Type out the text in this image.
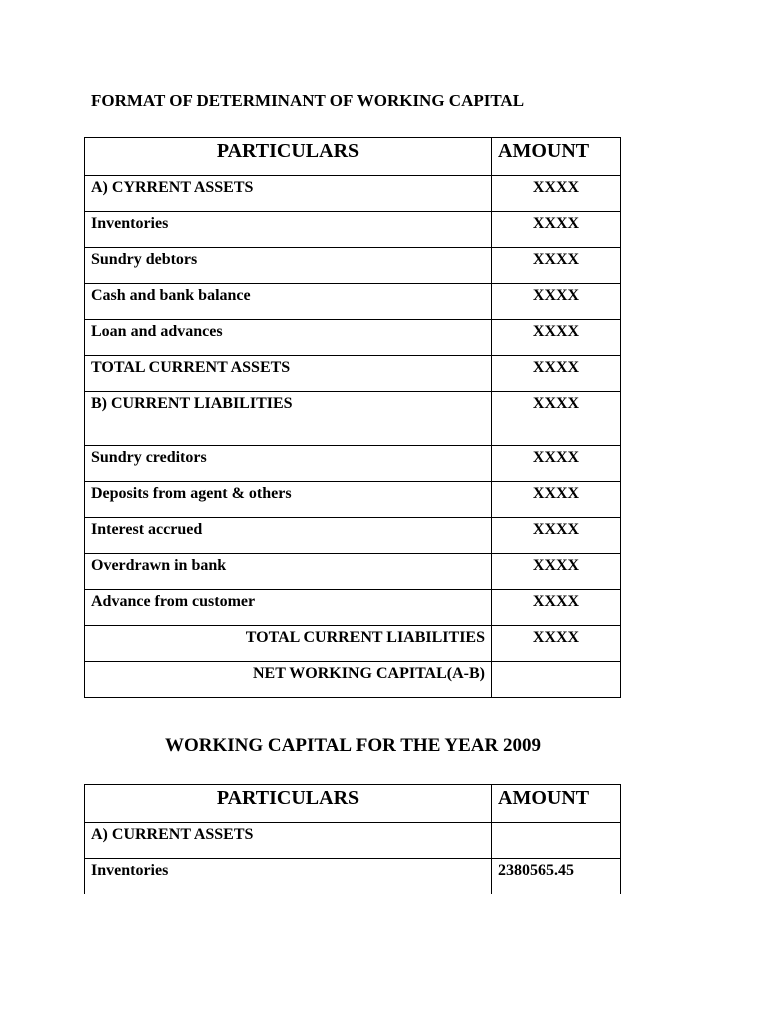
FORMAT OF DETERMINANT OF WORKING CAPITAL
PARTICULARS	AMOUNT
A) CYRRENT ASSETS	XXXX
Inventories	XXXX
Sundry debtors	XXXX
Cash and bank balance	XXXX
Loan and advances	XXXX
TOTAL CURRENT ASSETS	XXXX
B) CURRENT LIABILITIES	XXXX
Sundry creditors	XXXX
Deposits from agent & others	XXXX
Interest accrued	XXXX
Overdrawn in bank	XXXX
Advance from customer	XXXX
TOTAL CURRENT LIABILITIES	XXXX
NET WORKING CAPITAL(A-B)	
WORKING CAPITAL FOR THE YEAR 2009
PARTICULARS	AMOUNT
A) CURRENT ASSETS	
Inventories	2380565.45
